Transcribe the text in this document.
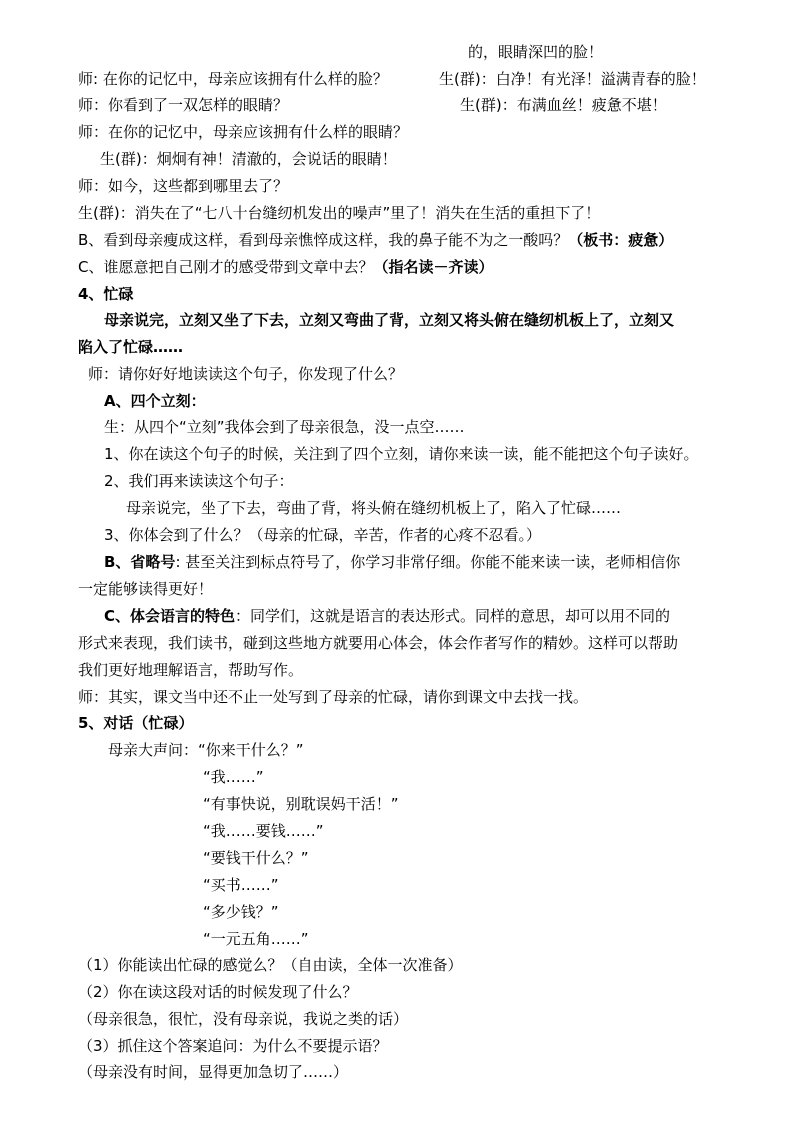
的，眼睛深凹的脸！
师: 在你的记忆中，母亲应该拥有什么样的脸？	生(群)：白净！有光泽！溢满青春的脸！
师：你看到了一双怎样的眼睛？	生(群)：布满血丝！疲惫不堪！
师：在你的记忆中，母亲应该拥有什么样的眼睛？
生(群)：炯炯有神！清澈的，会说话的眼睛！
师：如今，这些都到哪里去了？
生(群)：消失在了“七八十台缝纫机发出的噪声”里了！消失在生活的重担下了！
B、看到母亲瘦成这样，看到母亲憔悴成这样，我的鼻子能不为之一酸吗？（板书：疲惫）
C、谁愿意把自己刚才的感受带到文章中去？（指名读－齐读）
4、忙碌
母亲说完，立刻又坐了下去，立刻又弯曲了背，立刻又将头俯在缝纫机板上了，立刻又
陷入了忙碌……
师：请你好好地读读这个句子，你发现了什么？
A、四个立刻：
生：从四个“立刻”我体会到了母亲很急，没一点空……
1、你在读这个句子的时候，关注到了四个立刻，请你来读一读，能不能把这个句子读好。
2、我们再来读读这个句子：
母亲说完，坐了下去，弯曲了背，将头俯在缝纫机板上了，陷入了忙碌……
3、你体会到了什么？（母亲的忙碌，辛苦，作者的心疼不忍看。）
B、省略号: 甚至关注到标点符号了，你学习非常仔细。你能不能来读一读，老师相信你
一定能够读得更好！
C、体会语言的特色：同学们，这就是语言的表达形式。同样的意思，却可以用不同的
形式来表现，我们读书，碰到这些地方就要用心体会，体会作者写作的精妙。这样可以帮助
我们更好地理解语言，帮助写作。
师：其实，课文当中还不止一处写到了母亲的忙碌，请你到课文中去找一找。
5、对话（忙碌）
母亲大声问：“你来干什么？”
“我……”
“有事快说，别耽误妈干活！”
“我……要钱……”
“要钱干什么？”
“买书……”
“多少钱？”
“一元五角……”
（1）你能读出忙碌的感觉么？（自由读，全体一次准备）
（2）你在读这段对话的时候发现了什么？
（母亲很急，很忙，没有母亲说，我说之类的话）
（3）抓住这个答案追问：为什么不要提示语？
（母亲没有时间，显得更加急切了……）
